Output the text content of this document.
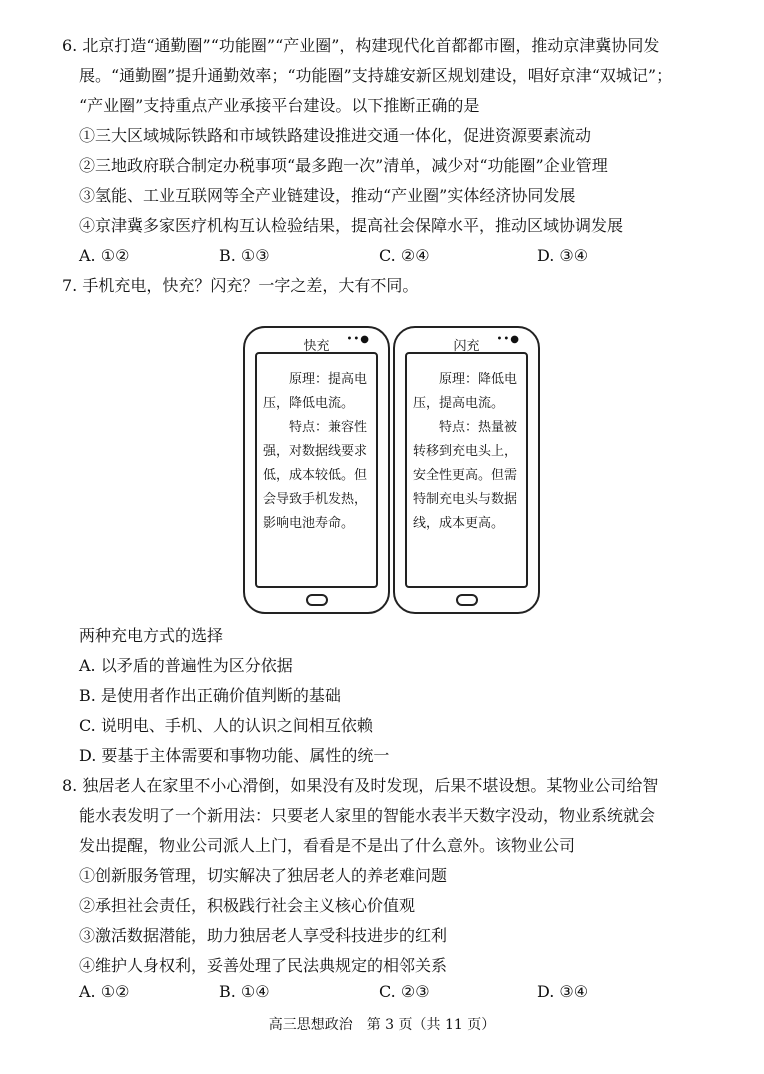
6. 北京打造“通勤圈”“功能圈”“产业圈”，构建现代化首都都市圈，推动京津冀协同发
展。“通勤圈”提升通勤效率；“功能圈”支持雄安新区规划建设，唱好京津“双城记”；
“产业圈”支持重点产业承接平台建设。以下推断正确的是
①三大区域城际铁路和市域铁路建设推进交通一体化，促进资源要素流动
②三地政府联合制定办税事项“最多跑一次”清单，减少对“功能圈”企业管理
③氢能、工业互联网等全产业链建设，推动“产业圈”实体经济协同发展
④京津冀多家医疗机构互认检验结果，提高社会保障水平，推动区域协调发展
A. ①②	B. ①③	C. ②④	D. ③④
7. 手机充电，快充？闪充？一字之差，大有不同。
快充	••●

原理：提高电压，降低电流。

特点：兼容性强，对数据线要求低，成本较低。但会导致手机发热，影响电池寿命。

闪充	••●

原理：降低电压，提高电流。

特点：热量被转移到充电头上，安全性更高。但需特制充电头与数据线，成本更高。

两种充电方式的选择
A. 以矛盾的普遍性为区分依据
B. 是使用者作出正确价值判断的基础
C. 说明电、手机、人的认识之间相互依赖
D. 要基于主体需要和事物功能、属性的统一
8. 独居老人在家里不小心滑倒，如果没有及时发现，后果不堪设想。某物业公司给智
能水表发明了一个新用法：只要老人家里的智能水表半天数字没动，物业系统就会
发出提醒，物业公司派人上门，看看是不是出了什么意外。该物业公司
①创新服务管理，切实解决了独居老人的养老难问题
②承担社会责任，积极践行社会主义核心价值观
③激活数据潜能，助力独居老人享受科技进步的红利
④维护人身权利，妥善处理了民法典规定的相邻关系
A. ①②	B. ①④	C. ②③	D. ③④
高三思想政治　第 3 页（共 11 页）
